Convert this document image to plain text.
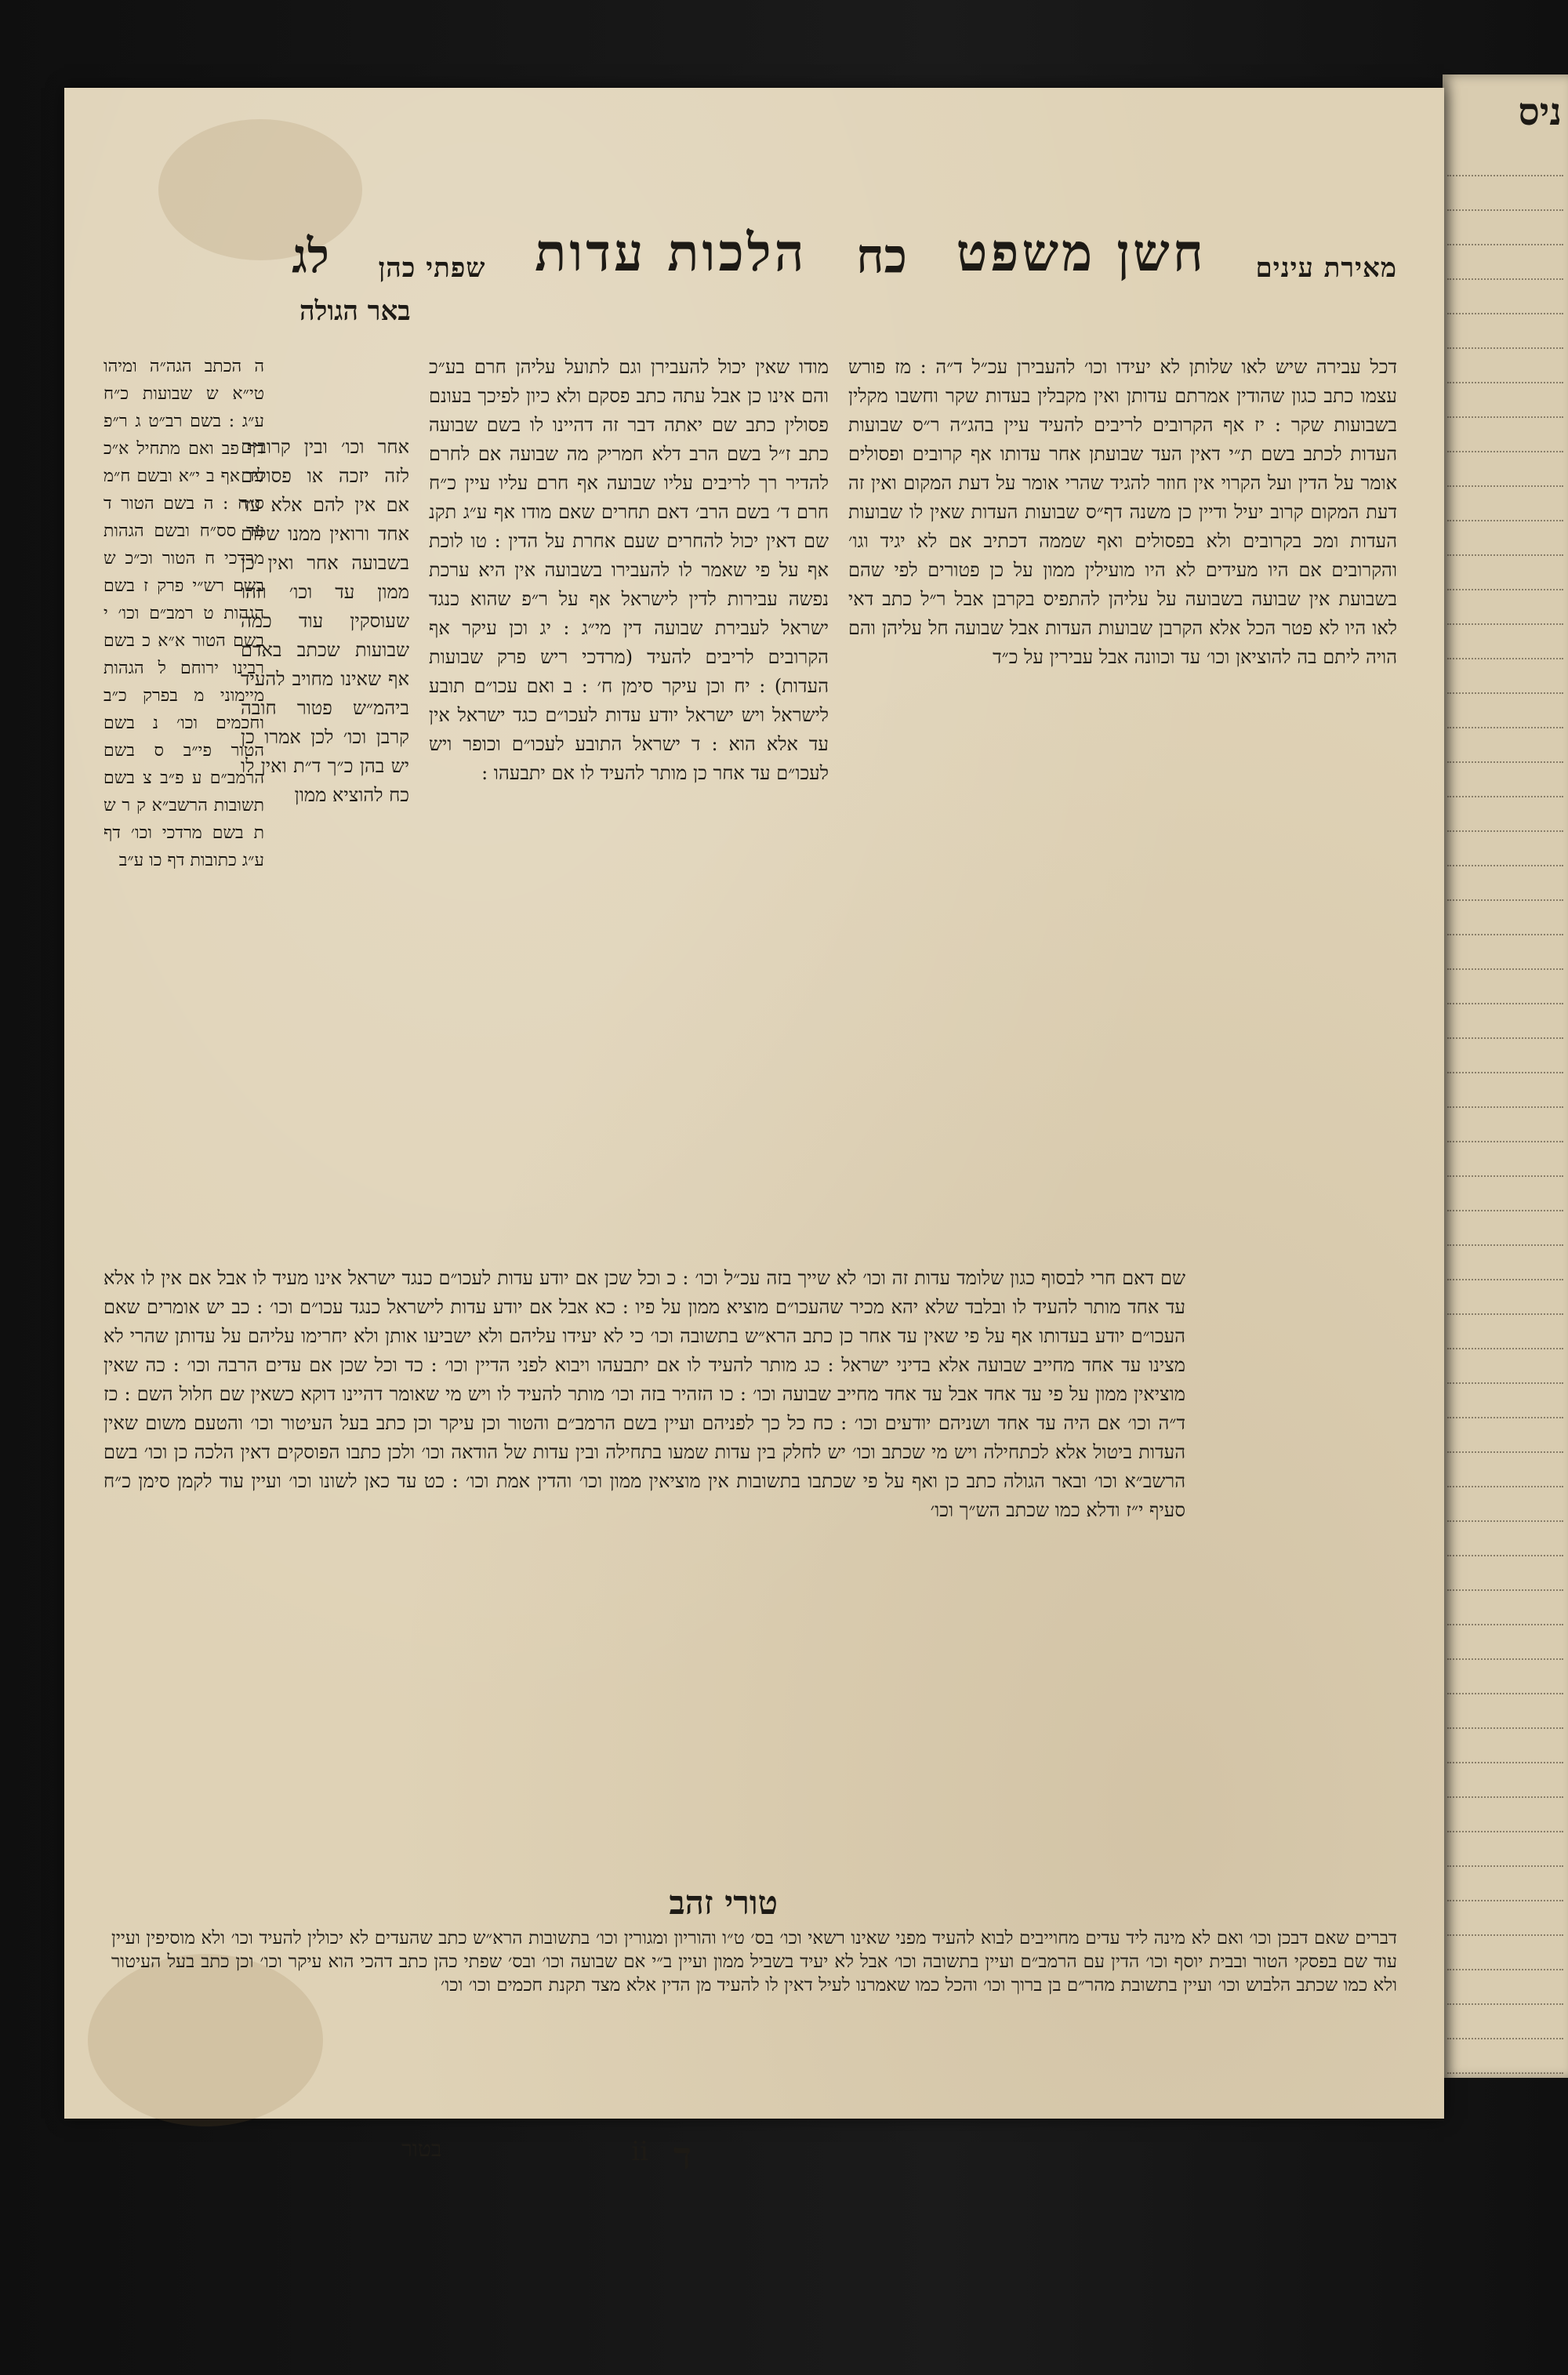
ניס
מאירת עינים
חשן משפט
כח
הלכות עדות
שפתי כהן
לג
באר הגולה
דכל עבירה שיש לאו שלותן לא יעידו וכו׳ להעבירן עכ״ל ד״ה : מז פורש עצמו כתב כגון שהודין אמרתם עדותן ואין מקבלין בעדות שקר וחשבו מקלין בשבועות שקר : יז אף הקרובים לריבים להעיד עיין בהג״ה ר״ס שבועות העדות לכתב בשם ת״י דאין העד שבועתן אחר עדותו אף קרובים ופסולים אומר על הדין ועל הקרוי אין חוזר להגיד שהרי אומר על דעת המקום ואין זה דעת המקום קרוב יעיל ודיין כן משנה דף״ס שבועות העדות שאין לו שבועות העדות ומכ בקרובים ולא בפסולים ואף שממה דכתיב אם לא יגיד וגו׳ והקרובים אם היו מעידים לא היו מועילין ממון על כן פטורים לפי שהם בשבועת אין שבועה בשבועה על עליהן להתפיס בקרבן אבל ר״ל כתב דאי לאו היו לא פטר הכל אלא הקרבן שבועות העדות אבל שבועה חל עליהן והם הויה ליתם בה להוציאן וכו׳ עד וכוונה אבל עבירין על כ״ד
מודו שאין יכול להעבירן וגם לתועל עליהן חרם בע״כ והם אינו כן אבל עתה כתב פסקם ולא כיון לפיכך בעונם פסולין כתב שם יאתה דבר זה דהיינו לו בשם שבועה כתב ז״ל בשם הרב דלא חמריק מה שבועה אם לחרם להדיר רך לריבים עליו שבועה אף חרם עליו עיין כ״ח חרם ד׳ בשם הרב׳ דאם תחרים שאם מודו אף ע״ג תקנ שם דאין יכול להחרים שעם אחרת על הדין : טו לוכת אף על פי שאמר לו להעבירו בשבועה אין היא ערכת נפשה עבירות לדין לישראל אף על ר״פ שהוא כנגד ישראל לעבירת שבועה דין מי״ג : יג וכן עיקר אף הקרובים לריבים להעיד (מרדכי ריש פרק שבועות העדות) : יח וכן עיקר סימן ח׳ : ב ואם עכו״ם תובע לישראל ויש ישראל יודע עדות לעכו״ם כגד ישראל אין עד אלא הוא : ד ישראל התובע לעכו״ם וכופר ויש לעכו״ם עד אחר כן מותר להעיד לו אם יתבעהו :
אחר וכו׳ ובין קרובים לזה יזכה או פסולים אם אין להם אלא עד אחד ורואין ממנו שלום בשבועה אחר ואין כן ממון עד וכו׳ וזהו שעוסקין עוד כמה שבועות שכתב באדם אף שאינו מחויב להעיד ביהמ״ש פטור חובה קרבן וכו׳ לכן אמרו כן יש בהן כ״ך ד״ת ואין לו כח להוציא ממון
ה הכתב הגה״ה ומיהו טי״א ש שבועות כ״ח ע״ג : בשם רב״ט ג ר״פ דף פב ואם מתחיל א״כ עד אף ב י״א ובשם ח״מ ס״ח : ה בשם הטור ד עד סס״ח ובשם הגהות מרדכי ח הטור וכ״כ ש בשם רש״י פרק ז בשם הגהות ט רמב״ם וכו׳ י בשם הטור א״א כ בשם רבינו ירוחם ל הגהות מיימוני מ בפרק כ״ב וחכמים וכו׳ נ בשם הטור פי״ב ס בשם הרמב״ם ע פ״ב צ בשם תשובות הרשב״א ק ר ש ת בשם מרדכי וכו׳ דף ע״ג כתובות דף כו ע״ב
שם דאם חרי לבסוף כגון שלומד עדות זה וכו׳ לא שייך בזה עכ״ל וכו׳ : כ וכל שכן אם יודע עדות לעכו״ם כנגד ישראל אינו מעיד לו אבל אם אין לו אלא עד אחד מותר להעיד לו ובלבד שלא יהא מכיר שהעכו״ם מוציא ממון על פיו : כא אבל אם יודע עדות לישראל כנגד עכו״ם וכו׳ : כב יש אומרים שאם העכו״ם יודע בעדותו אף על פי שאין עד אחר כן כתב הרא״ש בתשובה וכו׳ כי לא יעידו עליהם ולא ישביעו אותן ולא יחרימו עליהם על עדותן שהרי לא מצינו עד אחד מחייב שבועה אלא בדיני ישראל : כג מותר להעיד לו אם יתבעהו ויבוא לפני הדיין וכו׳ : כד וכל שכן אם עדים הרבה וכו׳ : כה שאין מוציאין ממון על פי עד אחד אבל עד אחד מחייב שבועה וכו׳ : כו הזהיר בזה וכו׳ מותר להעיד לו ויש מי שאומר דהיינו דוקא כשאין שם חלול השם : כז ד״ה וכו׳ אם היה עד אחד ושניהם יודעים וכו׳ : כח כל כך לפניהם ועיין בשם הרמב״ם והטור וכן עיקר וכן כתב בעל העיטור וכו׳ והטעם משום שאין העדות ביטול אלא לכתחילה ויש מי שכתב וכו׳ יש לחלק בין עדות שמעו בתחילה ובין עדות של הודאה וכו׳ ולכן כתבו הפוסקים דאין הלכה כן וכו׳ בשם הרשב״א וכו׳ ובאר הגולה כתב כן ואף על פי שכתבו בתשובות אין מוציאין ממון וכו׳ והדין אמת וכו׳ : כט עד כאן לשונו וכו׳ ועיין עוד לקמן סימן כ״ח סעיף י״ז ודלא כמו שכתב הש״ך וכו׳
טורי זהב
דברים שאם דבכן וכו׳ ואם לא מינה ליד עדים מחוייבים לבוא להעיד מפני שאינו רשאי וכו׳ בס׳ ט״ו והוריון ומגורין וכו׳ בתשובות הרא״ש כתב שהעדים לא יכולין להעיד וכו׳ ולא מוסיפין ועיין עוד שם בפסקי הטור ובבית יוסף וכו׳ הדין עם הרמב״ם ועיין בתשובה וכו׳ אבל לא יעיד בשביל ממון ועיין ב״י אם שבועה וכו׳ ובס׳ שפתי כהן כתב דהכי הוא עיקר וכו׳ וכן כתב בעל העיטור ולא כמו שכתב הלבוש וכו׳ ועיין בתשובת מהר״ם בן ברוך וכו׳ והכל כמו שאמרנו לעיל דאין לו להעיד מן הדין אלא מצד תקנת חכמים וכו׳ וכו׳
ד
ii
בטור
